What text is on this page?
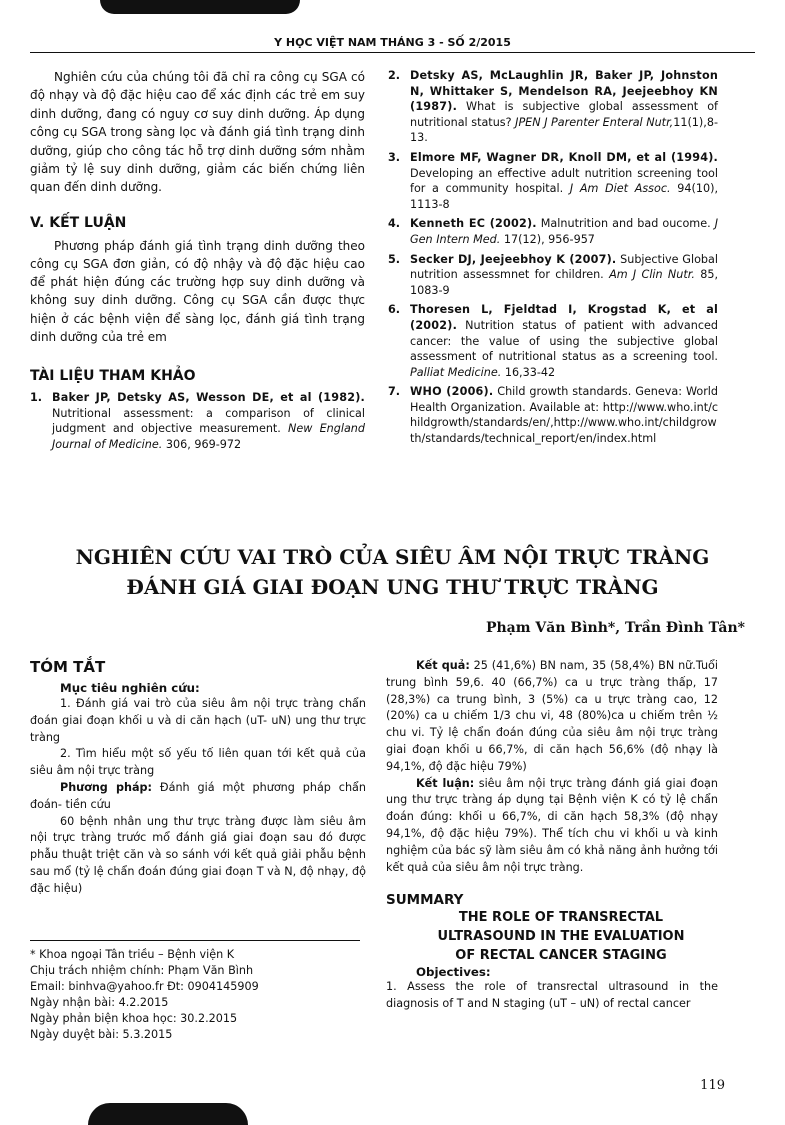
Y HỌC VIỆT NAM THÁNG 3 - SỐ 2/2015

Nghiên cứu của chúng tôi đã chỉ ra công cụ SGA có độ nhạy và độ đặc hiệu cao để xác định các trẻ em suy dinh dưỡng, đang có nguy cơ suy dinh dưỡng. Áp dụng công cụ SGA trong sàng lọc và đánh giá tình trạng dinh dưỡng, giúp cho công tác hỗ trợ dinh dưỡng sớm nhằm giảm tỷ lệ suy dinh dưỡng, giảm các biến chứng liên quan đến dinh dưỡng.

V. KẾT LUẬN

Phương pháp đánh giá tình trạng dinh dưỡng theo công cụ SGA đơn giản, có độ nhậy và độ đặc hiệu cao để phát hiện đúng các trường hợp suy dinh dưỡng và không suy dinh dưỡng. Công cụ SGA cần được thực hiện ở các bệnh viện để sàng lọc, đánh giá tình trạng dinh dưỡng của trẻ em

TÀI LIỆU THAM KHẢO
1. Baker JP, Detsky AS, Wesson DE, et al (1982). Nutritional assessment: a comparison of clinical judgment and objective measurement. New England Journal of Medicine. 306, 969-972
2. Detsky AS, McLaughlin JR, Baker JP, Johnston N, Whittaker S, Mendelson RA, Jeejeebhoy KN (1987). What is subjective global assessment of nutritional status? JPEN J Parenter Enteral Nutr,11(1),8-13.
3. Elmore MF, Wagner DR, Knoll DM, et al (1994). Developing an effective adult nutrition screening tool for a community hospital. J Am Diet Assoc. 94(10), 1113-8
4. Kenneth EC (2002). Malnutrition and bad oucome. J Gen Intern Med. 17(12), 956-957
5. Secker DJ, Jeejeebhoy K (2007). Subjective Global nutrition assessmnet for children. Am J Clin Nutr. 85, 1083-9
6. Thoresen L, Fjeldtad I, Krogstad K, et al (2002). Nutrition status of patient with advanced cancer: the value of using the subjective global assessment of nutritional status as a screening tool. Palliat Medicine. 16,33-42
7. WHO (2006). Child growth standards. Geneva: World Health Organization. Available at: http://www.who.int/childgrowth/standards/en/,http://www.who.int/childgrowth/standards/technical_report/en/index.html
NGHIÊN CỨU VAI TRÒ CỦA SIÊU ÂM NỘI TRỰC TRÀNG
ĐÁNH GIÁ GIAI ĐOẠN UNG THƯ TRỰC TRÀNG
Phạm Văn Bình*, Trần Đình Tân*
TÓM TẮT
Mục tiêu nghiên cứu:

1. Đánh giá vai trò của siêu âm nội trực tràng chẩn đoán giai đoạn khối u và di căn hạch (uT- uN) ung thư trực tràng

2. Tìm hiểu một số yếu tố liên quan tới kết quả của siêu âm nội trực tràng

Phương pháp: Đánh giá một phương pháp chẩn đoán- tiền cứu

60 bệnh nhân ung thư trực tràng được làm siêu âm nội trực tràng trước mổ đánh giá giai đoạn sau đó được phẫu thuật triệt căn và so sánh với kết quả giải phẫu bệnh sau mổ (tỷ lệ chẩn đoán đúng giai đoạn T và N, độ nhạy, độ đặc hiệu)

* Khoa ngoại Tân triều – Bệnh viện K
Chịu trách nhiệm chính: Phạm Văn Bình
Email: binhva@yahoo.fr Đt: 0904145909
Ngày nhận bài: 4.2.2015
Ngày phản biện khoa học: 30.2.2015
Ngày duyệt bài: 5.3.2015

Kết quả: 25 (41,6%) BN nam, 35 (58,4%) BN nữ.Tuổi trung bình 59,6. 40 (66,7%) ca u trực tràng thấp, 17 (28,3%) ca trung bình, 3 (5%) ca u trực tràng cao, 12 (20%) ca u chiếm 1/3 chu vi, 48 (80%)ca u chiếm trên ½ chu vi. Tỷ lệ chẩn đoán đúng của siêu âm nội trực tràng giai đoạn khối u 66,7%, di căn hạch 56,6% (độ nhạy là 94,1%, độ đặc hiệu 79%)

Kết luận: siêu âm nội trực tràng đánh giá giai đoạn ung thư trực tràng áp dụng tại Bệnh viện K có tỷ lệ chẩn đoán đúng: khối u 66,7%, di căn hạch 58,3% (độ nhạy 94,1%, độ đặc hiệu 79%). Thể tích chu vi khối u và kinh nghiệm của bác sỹ làm siêu âm có khả năng ảnh hưởng tới kết quả của siêu âm nội trực tràng.

SUMMARY
THE ROLE OF TRANSRECTAL
ULTRASOUND IN THE EVALUATION
OF RECTAL CANCER STAGING
Objectives:

1. Assess the role of transrectal ultrasound in the diagnosis of T and N staging (uT – uN) of rectal cancer

119
